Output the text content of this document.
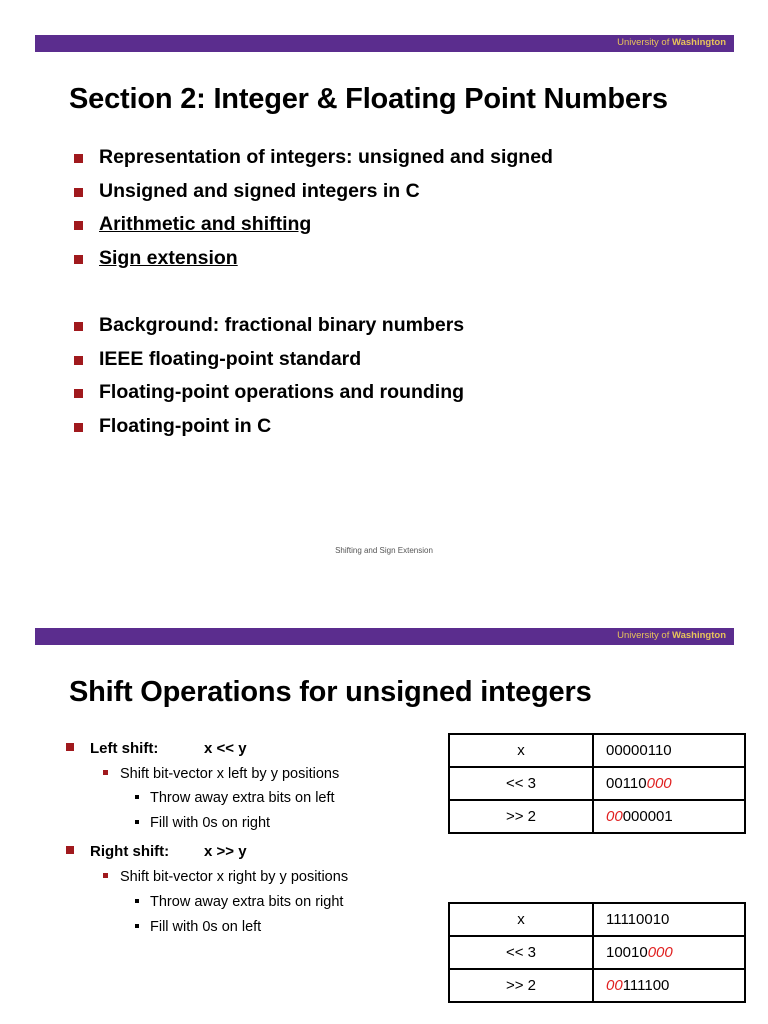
University of Washington
Section 2: Integer & Floating Point Numbers
Representation of integers: unsigned and signed
Unsigned and signed integers in C
Arithmetic and shifting
Sign extension
Background: fractional binary numbers
IEEE floating-point standard
Floating-point operations and rounding
Floating-point in C
Shifting and Sign Extension
University of Washington
Shift Operations for unsigned integers
Left shift:	x << y
Shift bit-vector x left by y positions
Throw away extra bits on left
Fill with 0s on right
Right shift: x >> y
Shift bit-vector x right by y positions
Throw away extra bits on right
Fill with 0s on left
x	00000110
<< 3	00110000
>> 2	00000001
x	11110010
<< 3	10010000
>> 2	00111100
